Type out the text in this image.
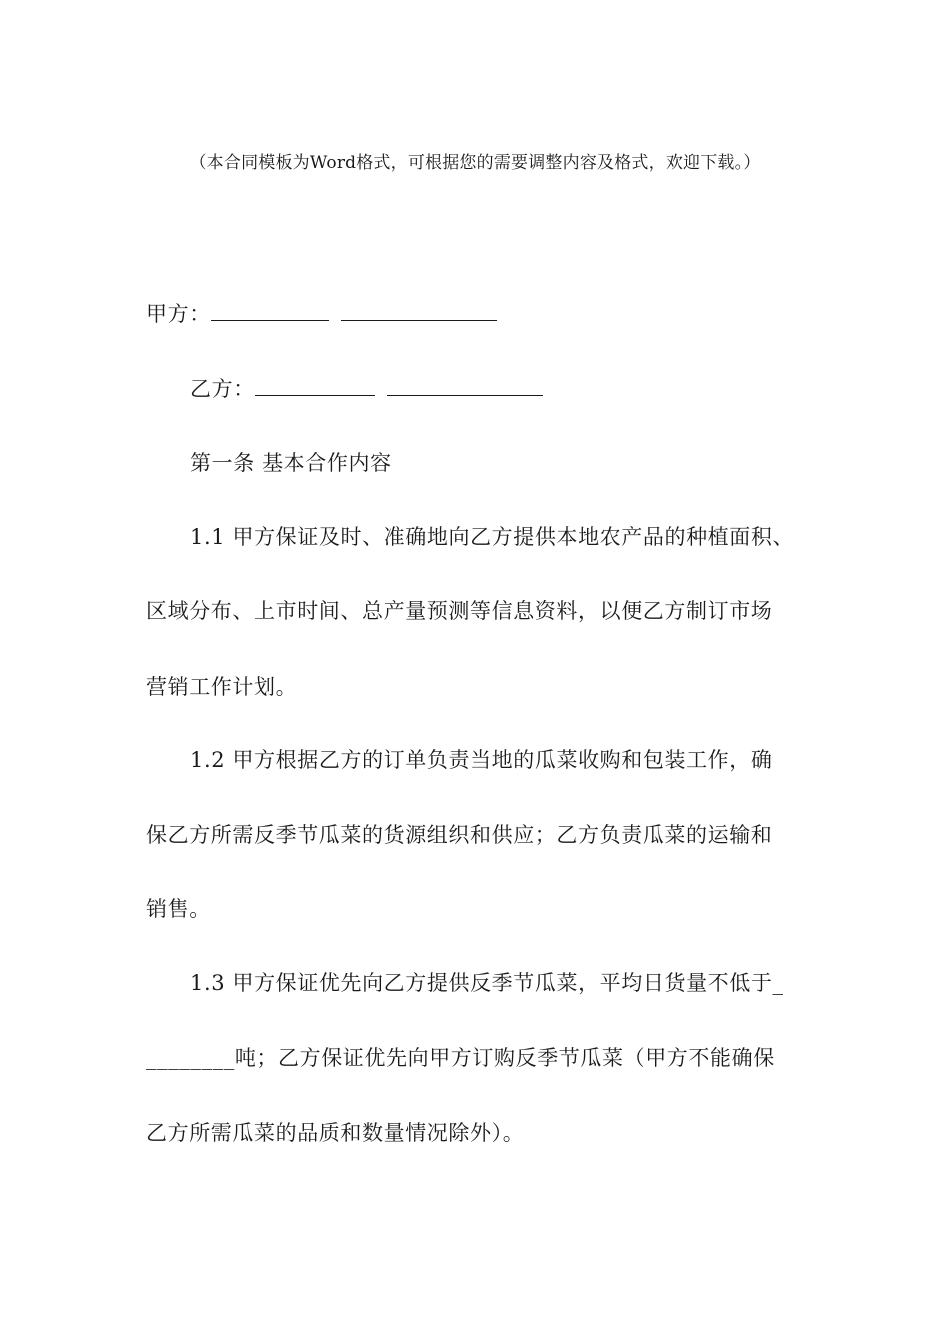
（本合同模板为Word格式，可根据您的需要调整内容及格式，欢迎下载。）
甲方：
乙方：
第一条 基本合作内容
1.1 甲方保证及时、准确地向乙方提供本地农产品的种植面积、
区域分布、上市时间、总产量预测等信息资料，以便乙方制订市场
营销工作计划。
1.2 甲方根据乙方的订单负责当地的瓜菜收购和包装工作，确
保乙方所需反季节瓜菜的货源组织和供应；乙方负责瓜菜的运输和
销售。
1.3 甲方保证优先向乙方提供反季节瓜菜，平均日货量不低于_
________吨；乙方保证优先向甲方订购反季节瓜菜（甲方不能确保
乙方所需瓜菜的品质和数量情况除外）。
